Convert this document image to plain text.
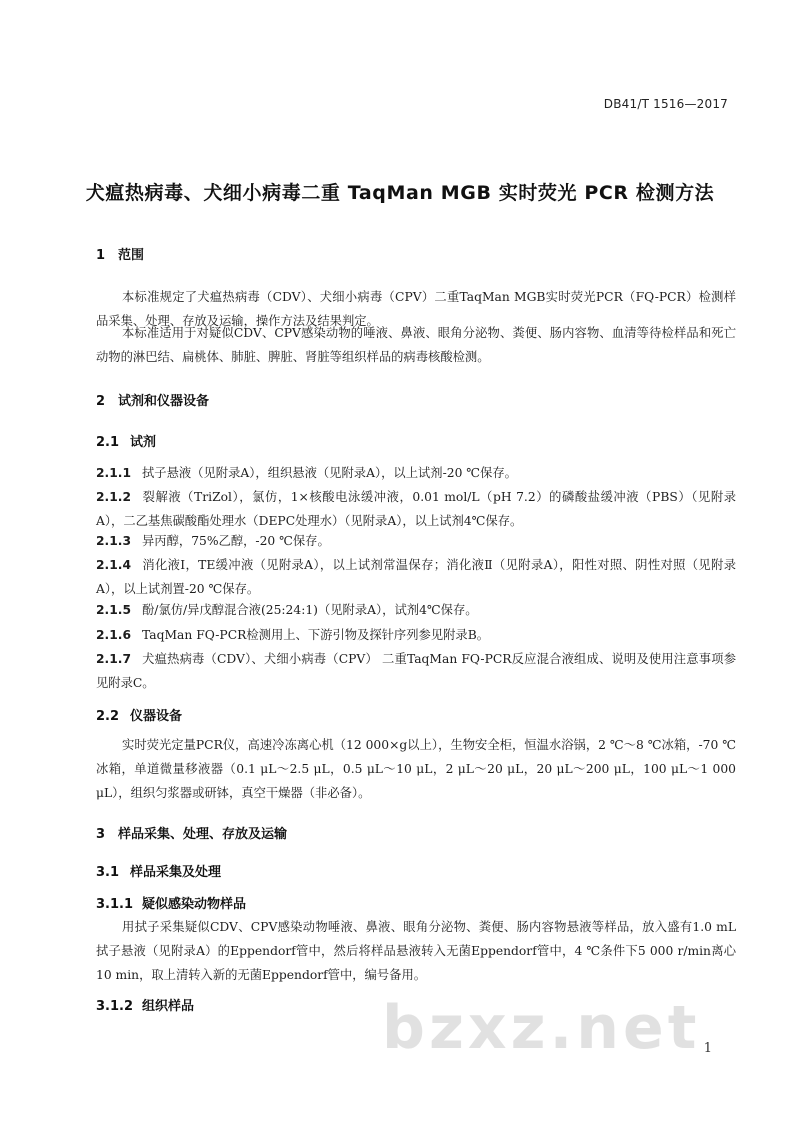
DB41/T 1516—2017
犬瘟热病毒、犬细小病毒二重 TaqMan MGB 实时荧光 PCR 检测方法
1 范围
本标准规定了犬瘟热病毒（CDV）、犬细小病毒（CPV）二重TaqMan MGB实时荧光PCR（FQ-PCR）检测样品采集、处理、存放及运输，操作方法及结果判定。
本标准适用于对疑似CDV、CPV感染动物的唾液、鼻液、眼角分泌物、粪便、肠内容物、血清等待检样品和死亡动物的淋巴结、扁桃体、肺脏、脾脏、肾脏等组织样品的病毒核酸检测。
2 试剂和仪器设备
2.1 试剂
2.1.1 拭子悬液（见附录A），组织悬液（见附录A），以上试剂-20 ℃保存。
2.1.2 裂解液（TriZol），氯仿，1×核酸电泳缓冲液，0.01 mol/L（pH 7.2）的磷酸盐缓冲液（PBS）（见附录A），二乙基焦碳酸酯处理水（DEPC处理水）（见附录A），以上试剂4℃保存。
2.1.3 异丙醇，75%乙醇，-20 ℃保存。
2.1.4 消化液Ⅰ，TE缓冲液（见附录A），以上试剂常温保存；消化液Ⅱ（见附录A），阳性对照、阴性对照（见附录A），以上试剂置-20 ℃保存。
2.1.5 酚/氯仿/异戊醇混合液(25:24:1)（见附录A），试剂4℃保存。
2.1.6 TaqMan FQ-PCR检测用上、下游引物及探针序列参见附录B。
2.1.7 犬瘟热病毒（CDV）、犬细小病毒（CPV） 二重TaqMan FQ-PCR反应混合液组成、说明及使用注意事项参见附录C。
2.2 仪器设备
实时荧光定量PCR仪，高速冷冻离心机（12 000×g以上），生物安全柜，恒温水浴锅，2 ℃～8 ℃冰箱，-70 ℃冰箱，单道微量移液器（0.1 μL～2.5 μL，0.5 μL～10 μL，2 μL～20 μL，20 μL～200 μL，100 μL～1 000 μL），组织匀浆器或研钵，真空干燥器（非必备）。
3 样品采集、处理、存放及运输
3.1 样品采集及处理
3.1.1 疑似感染动物样品
用拭子采集疑似CDV、CPV感染动物唾液、鼻液、眼角分泌物、粪便、肠内容物悬液等样品，放入盛有1.0 mL拭子悬液（见附录A）的Eppendorf管中，然后将样品悬液转入无菌Eppendorf管中，4 ℃条件下5 000 r/min离心10 min，取上清转入新的无菌Eppendorf管中，编号备用。
3.1.2 组织样品	bzxz.net 1
